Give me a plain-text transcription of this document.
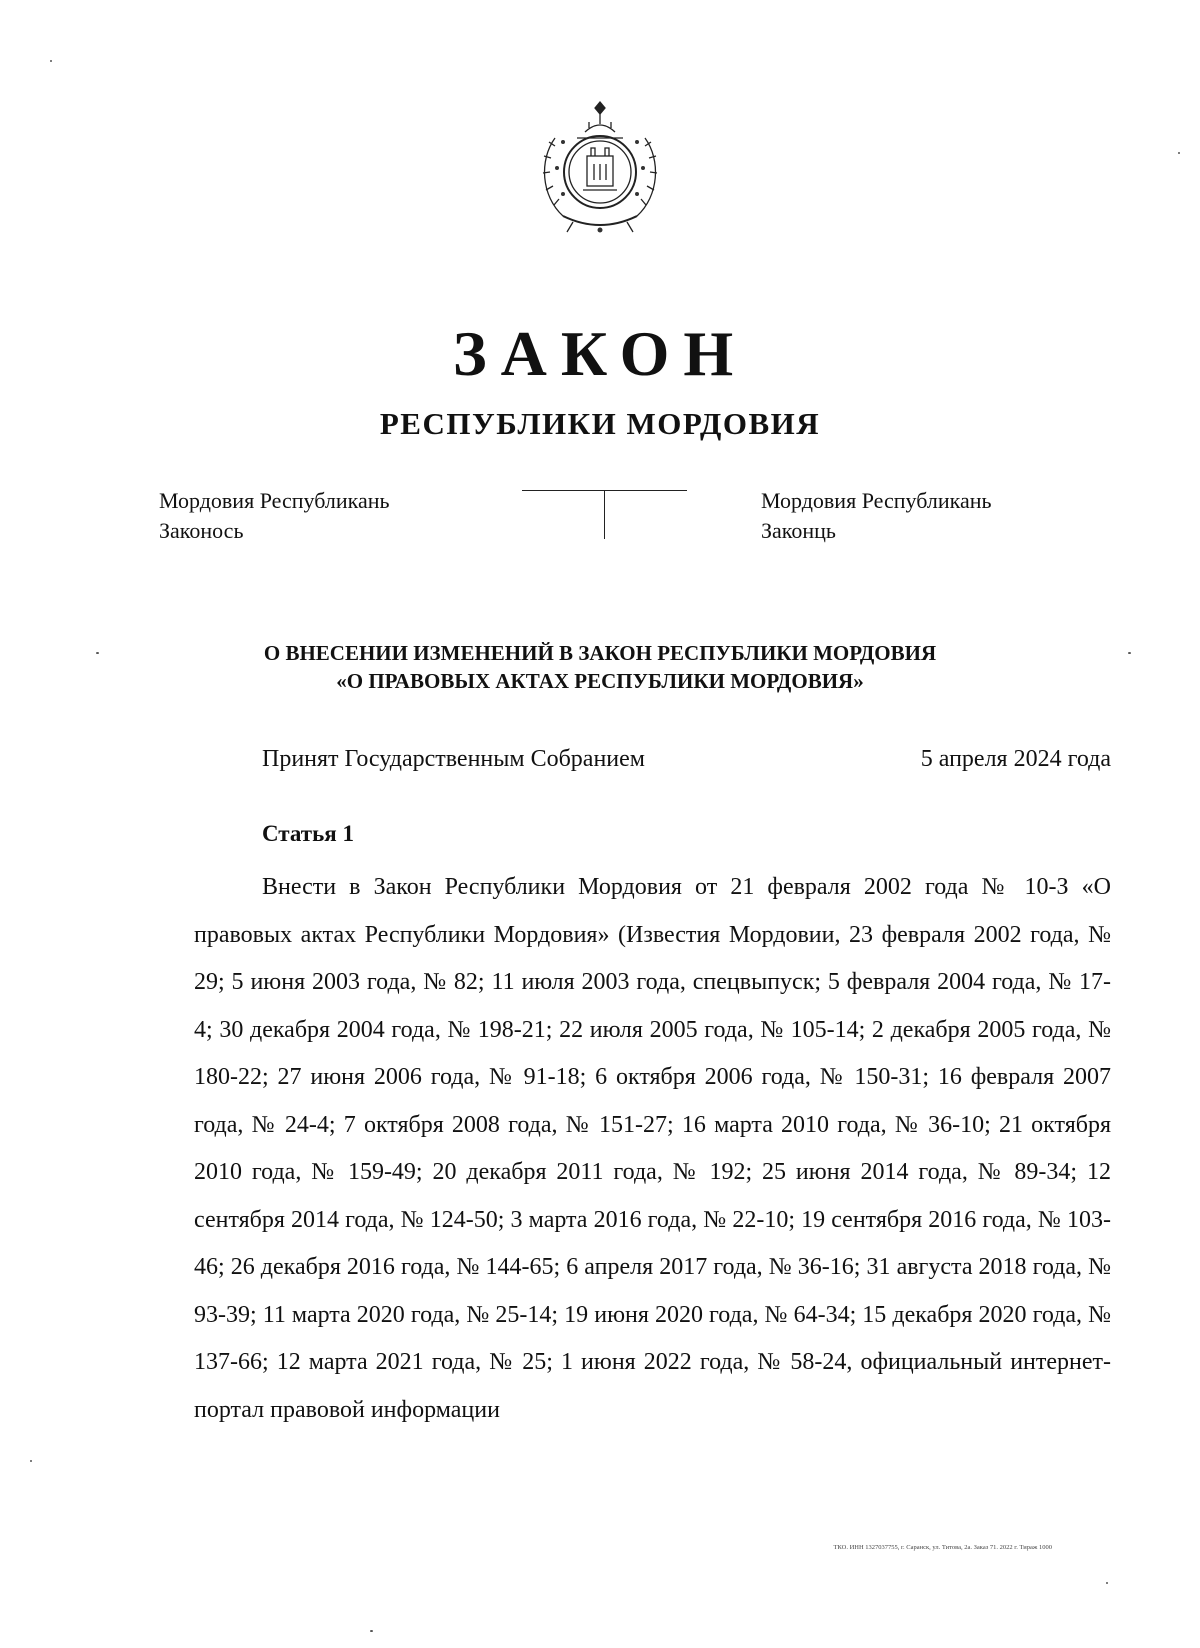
ЗАКОН
РЕСПУБЛИКИ МОРДОВИЯ
Мордовия Республикань
Законось
Мордовия Республикань
Законць
О ВНЕСЕНИИ ИЗМЕНЕНИЙ В ЗАКОН РЕСПУБЛИКИ МОРДОВИЯ
«О ПРАВОВЫХ АКТАХ РЕСПУБЛИКИ МОРДОВИЯ»
Принят Государственным Собранием	5 апреля 2024 года
Статья 1

Внести в Закон Республики Мордовия от 21 февраля 2002 года № 10-З «О правовых актах Республики Мордовия» (Известия Мордовии, 23 февраля 2002 года, № 29; 5 июня 2003 года, № 82; 11 июля 2003 года, спецвыпуск; 5 февраля 2004 года, № 17-4; 30 декабря 2004 года, № 198-21; 22 июля 2005 года, № 105-14; 2 декабря 2005 года, № 180-22; 27 июня 2006 года, № 91-18; 6 октября 2006 года, № 150-31; 16 февраля 2007 года, № 24-4; 7 октября 2008 года, № 151-27; 16 марта 2010 года, № 36-10; 21 октября 2010 года, № 159-49; 20 декабря 2011 года, № 192; 25 июня 2014 года, № 89-34; 12 сентября 2014 года, № 124-50; 3 марта 2016 года, № 22-10; 19 сентября 2016 года, № 103-46; 26 декабря 2016 года, № 144-65; 6 апреля 2017 года, № 36-16; 31 августа 2018 года, № 93-39; 11 марта 2020 года, № 25-14; 19 июня 2020 года, № 64-34; 15 декабря 2020 года, № 137-66; 12 марта 2021 года, № 25; 1 июня 2022 года, № 58-24, официальный интернет-портал правовой информации

ТКО. ИНН 1327037755, г. Саранск, ул. Титова, 2а. Заказ 71. 2022 г. Тираж 1000
